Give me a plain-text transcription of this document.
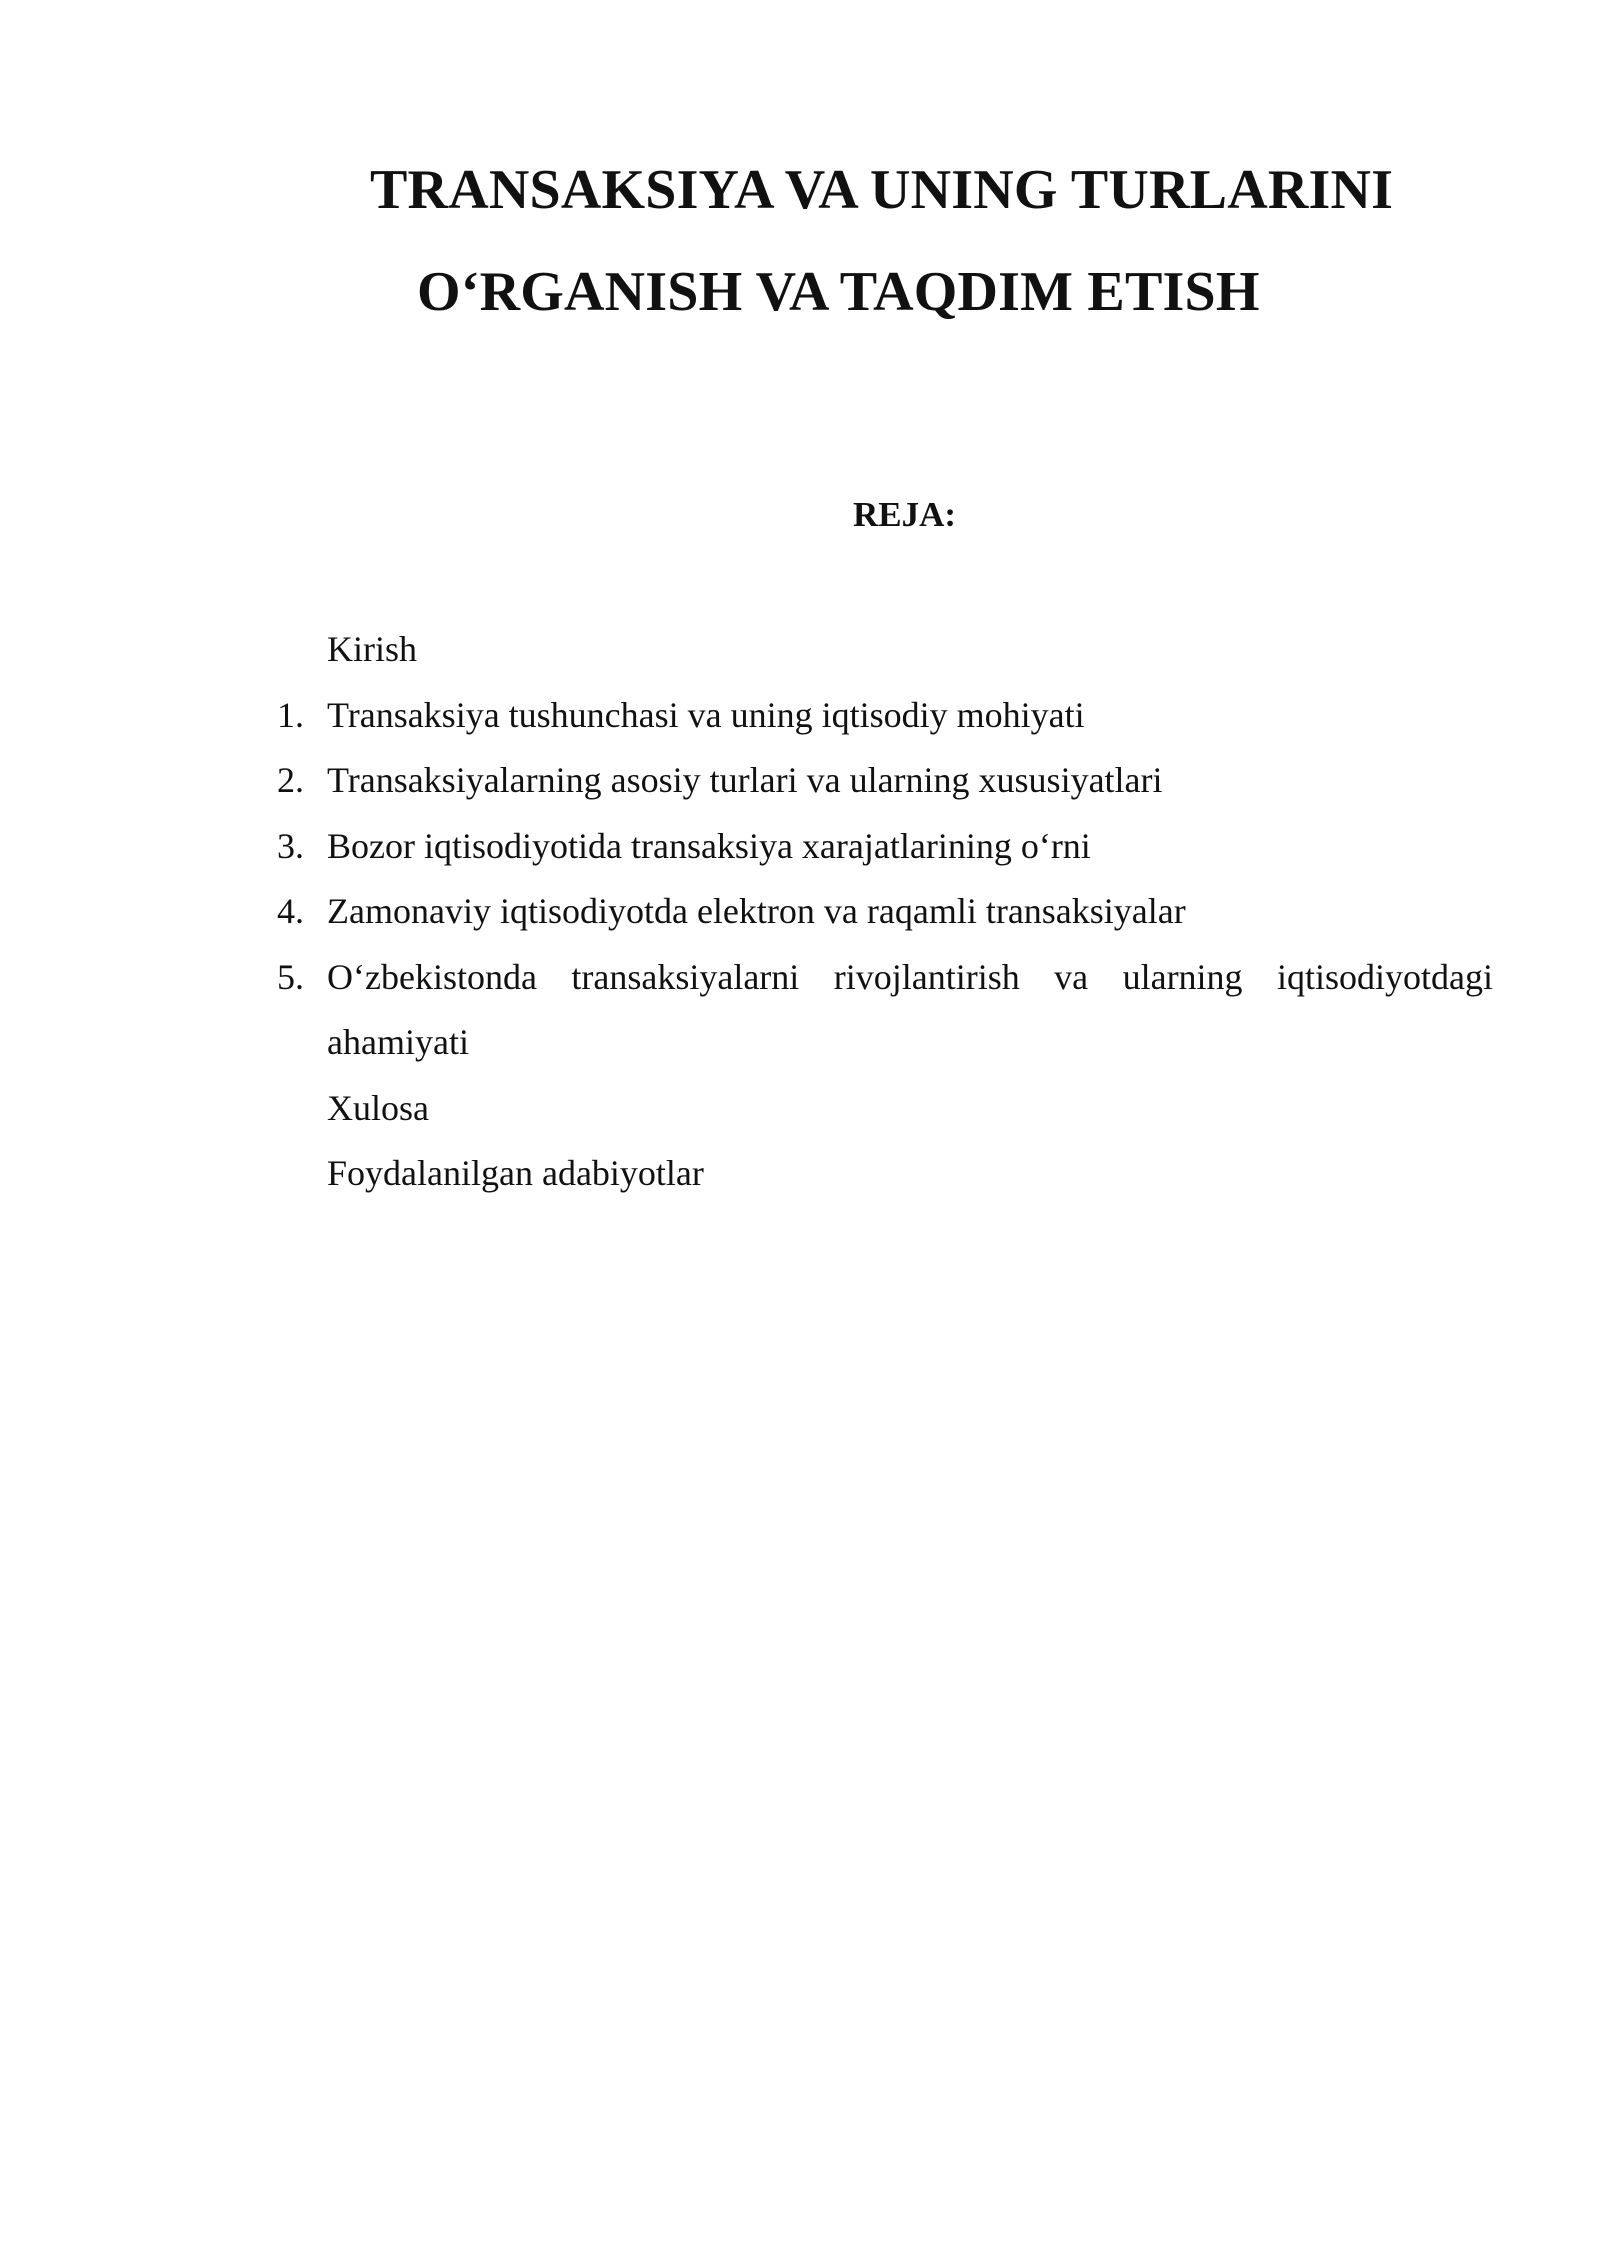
TRANSAKSIYA VA UNING TURLARINI
O‘RGANISH VA TAQDIM ETISH
REJA:
Kirish
1. Transaksiya tushunchasi va uning iqtisodiy mohiyati
2. Transaksiyalarning asosiy turlari va ularning xususiyatlari
3. Bozor iqtisodiyotida transaksiya xarajatlarining o‘rni
4. Zamonaviy iqtisodiyotda elektron va raqamli transaksiyalar
5. O‘zbekistonda transaksiyalarni rivojlantirish va ularning iqtisodiyotdagi ahamiyati
Xulosa
Foydalanilgan adabiyotlar
